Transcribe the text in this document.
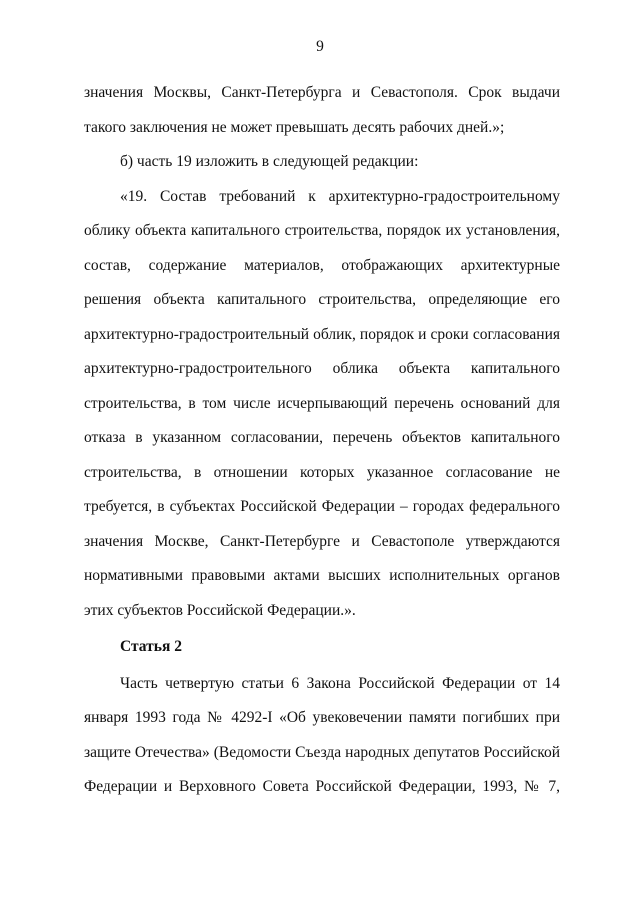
9

значения Москвы, Санкт-Петербурга и Севастополя. Срок выдачи такого заключения не может превышать десять рабочих дней.»;

б) часть 19 изложить в следующей редакции:

«19. Состав требований к архитектурно-градостроительному облику объекта капитального строительства, порядок их установления, состав, содержание материалов, отображающих архитектурные решения объекта капитального строительства, определяющие его архитектурно-градостроительный облик, порядок и сроки согласования архитектурно-градостроительного облика объекта капитального строительства, в том числе исчерпывающий перечень оснований для отказа в указанном согласовании, перечень объектов капитального строительства, в отношении которых указанное согласование не требуется, в субъектах Российской Федерации – городах федерального значения Москве, Санкт-Петербурге и Севастополе утверждаются нормативными правовыми актами высших исполнительных органов этих субъектов Российской Федерации.».

Статья 2

Часть четвертую статьи 6 Закона Российской Федерации от 14 января 1993 года № 4292-I «Об увековечении памяти погибших при защите Отечества» (Ведомости Съезда народных депутатов Российской Федерации и Верховного Совета Российской Федерации, 1993, № 7,
